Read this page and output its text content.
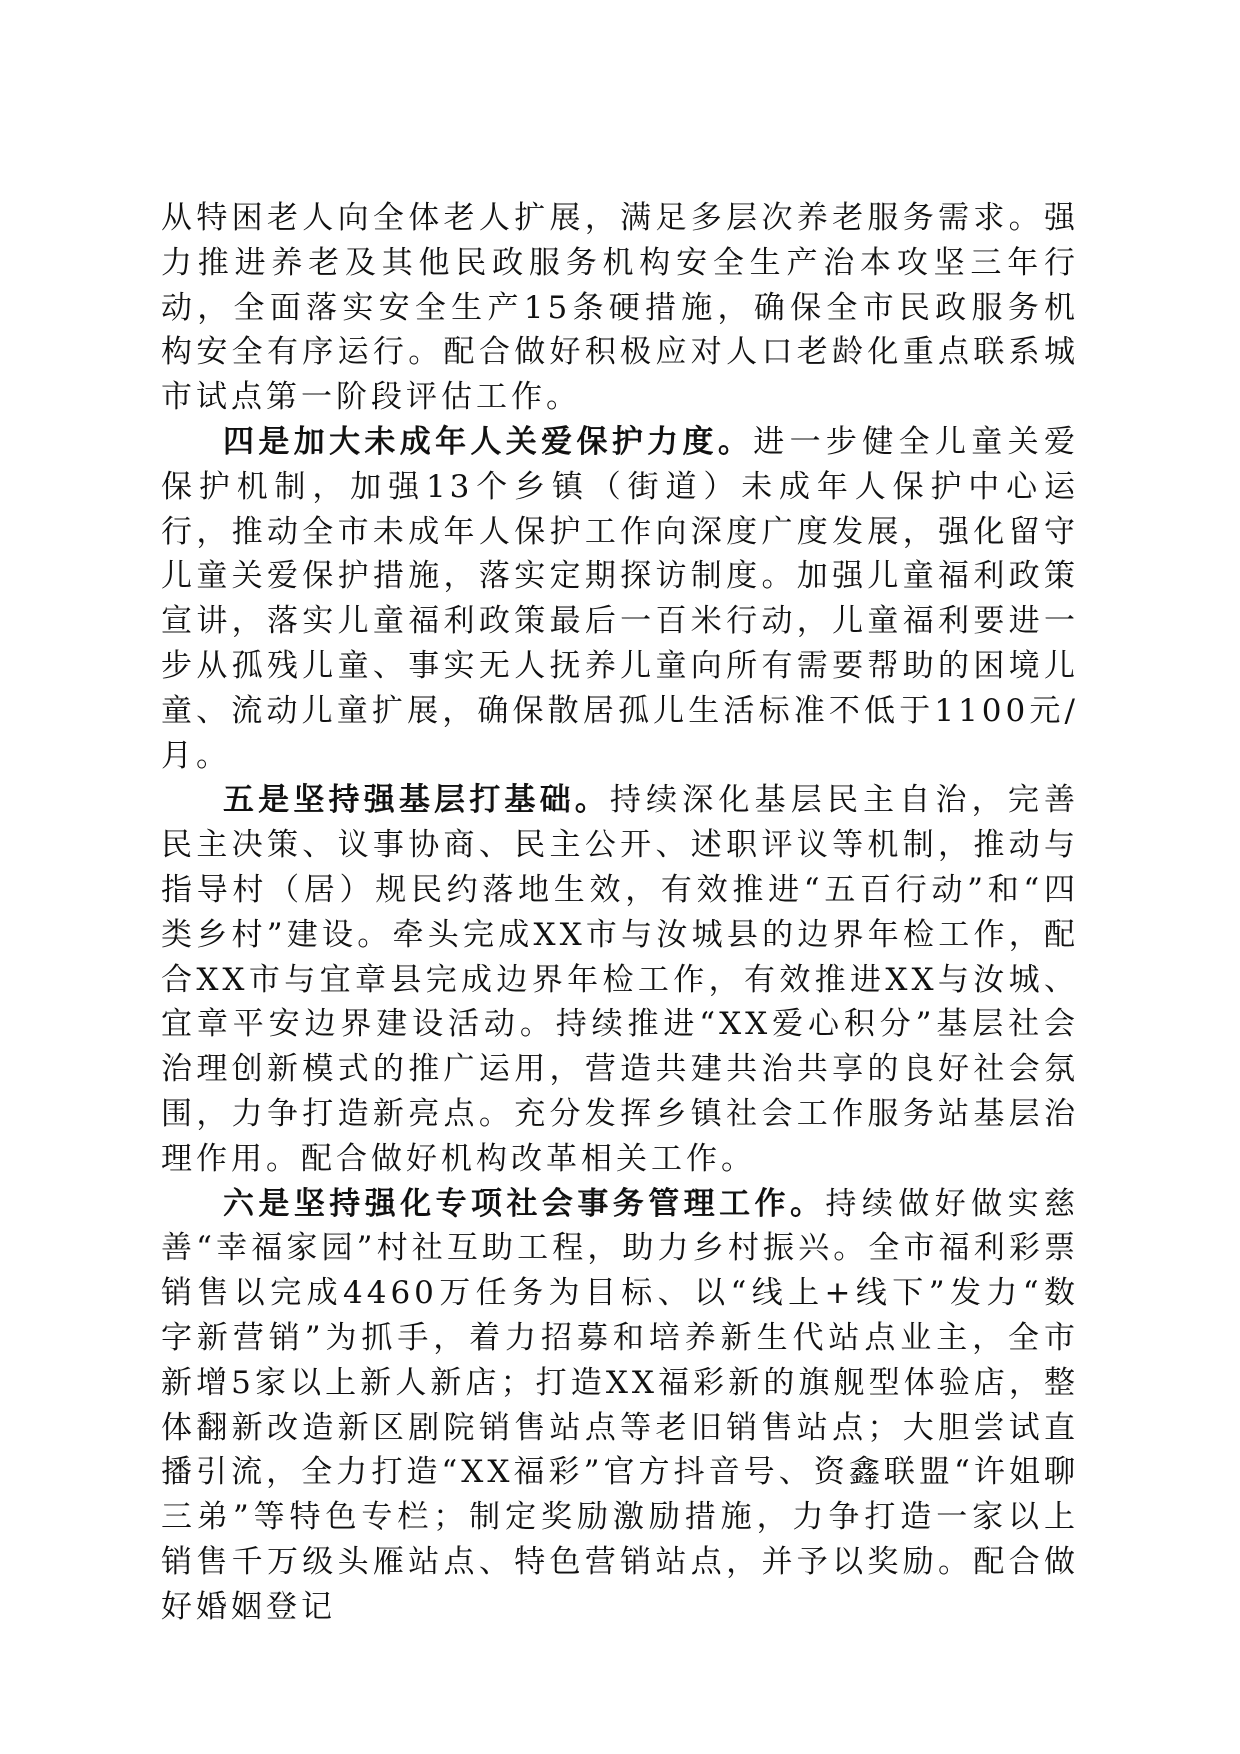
从特困老人向全体老人扩展，满足多层次养老服务需求。强力推进养老及其他民政服务机构安全生产治本攻坚三年行动，全面落实安全生产15条硬措施，确保全市民政服务机构安全有序运行。配合做好积极应对人口老龄化重点联系城市试点第一阶段评估工作。

四是加大未成年人关爱保护力度。进一步健全儿童关爱保护机制，加强13个乡镇（街道）未成年人保护中心运行，推动全市未成年人保护工作向深度广度发展，强化留守儿童关爱保护措施，落实定期探访制度。加强儿童福利政策宣讲，落实儿童福利政策最后一百米行动，儿童福利要进一步从孤残儿童、事实无人抚养儿童向所有需要帮助的困境儿童、流动儿童扩展，确保散居孤儿生活标准不低于1100元/月。

五是坚持强基层打基础。持续深化基层民主自治，完善民主决策、议事协商、民主公开、述职评议等机制，推动与指导村（居）规民约落地生效，有效推进“五百行动”和“四类乡村”建设。牵头完成XX市与汝城县的边界年检工作，配合XX市与宜章县完成边界年检工作，有效推进XX与汝城、宜章平安边界建设活动。持续推进“XX爱心积分”基层社会治理创新模式的推广运用，营造共建共治共享的良好社会氛围，力争打造新亮点。充分发挥乡镇社会工作服务站基层治理作用。配合做好机构改革相关工作。

六是坚持强化专项社会事务管理工作。持续做好做实慈善“幸福家园”村社互助工程，助力乡村振兴。全市福利彩票销售以完成4460万任务为目标、以“线上+线下”发力“数字新营销”为抓手，着力招募和培养新生代站点业主，全市新增5家以上新人新店；打造XX福彩新的旗舰型体验店，整体翻新改造新区剧院销售站点等老旧销售站点；大胆尝试直播引流，全力打造“XX福彩”官方抖音号、资鑫联盟“许姐聊三弟”等特色专栏；制定奖励激励措施，力争打造一家以上销售千万级头雁站点、特色营销站点，并予以奖励。配合做好婚姻登记
